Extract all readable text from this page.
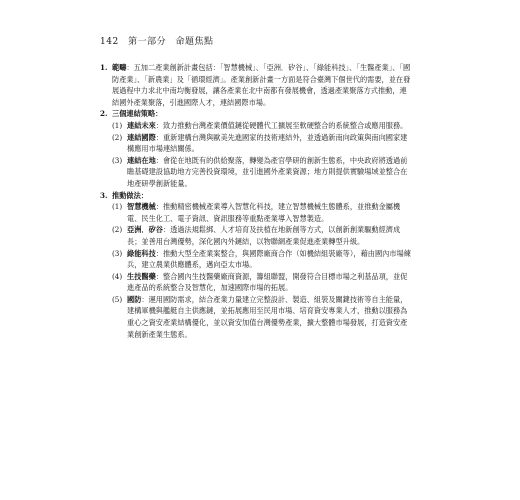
142 第一部分 命題焦點
1. 範疇：五加二產業創新計畫包括：「智慧機械」、「亞洲．矽谷」、「綠能科技」、「生醫產業」、「國防產業」、「新農業」及「循環經濟」。產業創新計畫一方面是符合臺灣下個世代的需要，並在發展過程中力求北中南均衡發展，讓各產業在北中南都有發展機會，透過產業聚落方式推動，連結國外產業聚落，引進國際人才，連結國際市場。
2. 三個連結策略：
(1) 連結未來：致力推動台灣產業價值鏈從硬體代工擴展至軟硬整合的系統整合或應用服務。
(2) 連結國際：重新建構台灣與歐美先進國家的技術連結外，並透過新南向政策與南向國家建構應用市場連結關係。
(3) 連結在地：會從在地既有的供給聚落，轉變為產官學研的創新生態系，中央政府將透過前瞻基礎建設協助地方完善投資環境，並引進國外產業資源；地方則提供實驗場域並整合在地產研學創新能量。
3. 推動做法：
(1) 智慧機械：推動精密機械產業導入智慧化科技，建立智慧機械生態體系，並推動金屬機電、民生化工、電子資訊、資訊服務等重點產業導入智慧製造。
(2) 亞洲．矽谷：透過法規鬆綁、人才培育及扶植在地新創等方式，以創新創業驅動經濟成長；並善用台灣優勢，深化國內外鏈結，以物聯網產業促進產業轉型升級。
(3) 綠能科技：推動大型全產業案整合，與國際廠商合作（如機結組裝廠等），藉由國內市場練兵，建立農業供應體系，邁向亞太市場。
(4) 生技醫藥：整合國內生技醫藥廠商資源，籌組聯盟，開發符合目標市場之利基品項，並促進產品的系統整合及智慧化，加速國際市場的拓展。
(5) 國防：運用國防需求，結合產業力量建立完整設計、製造、組裝及關鍵技術等自主能量，建構軍機與艦艇自主供應鏈，並拓展應用至民用市場、培育資安專業人才，推動以服務為重心之資安產業結構優化，並以資安加值台灣優勢產業，擴大整體市場發展，打造資安產業創新產業生態系。
